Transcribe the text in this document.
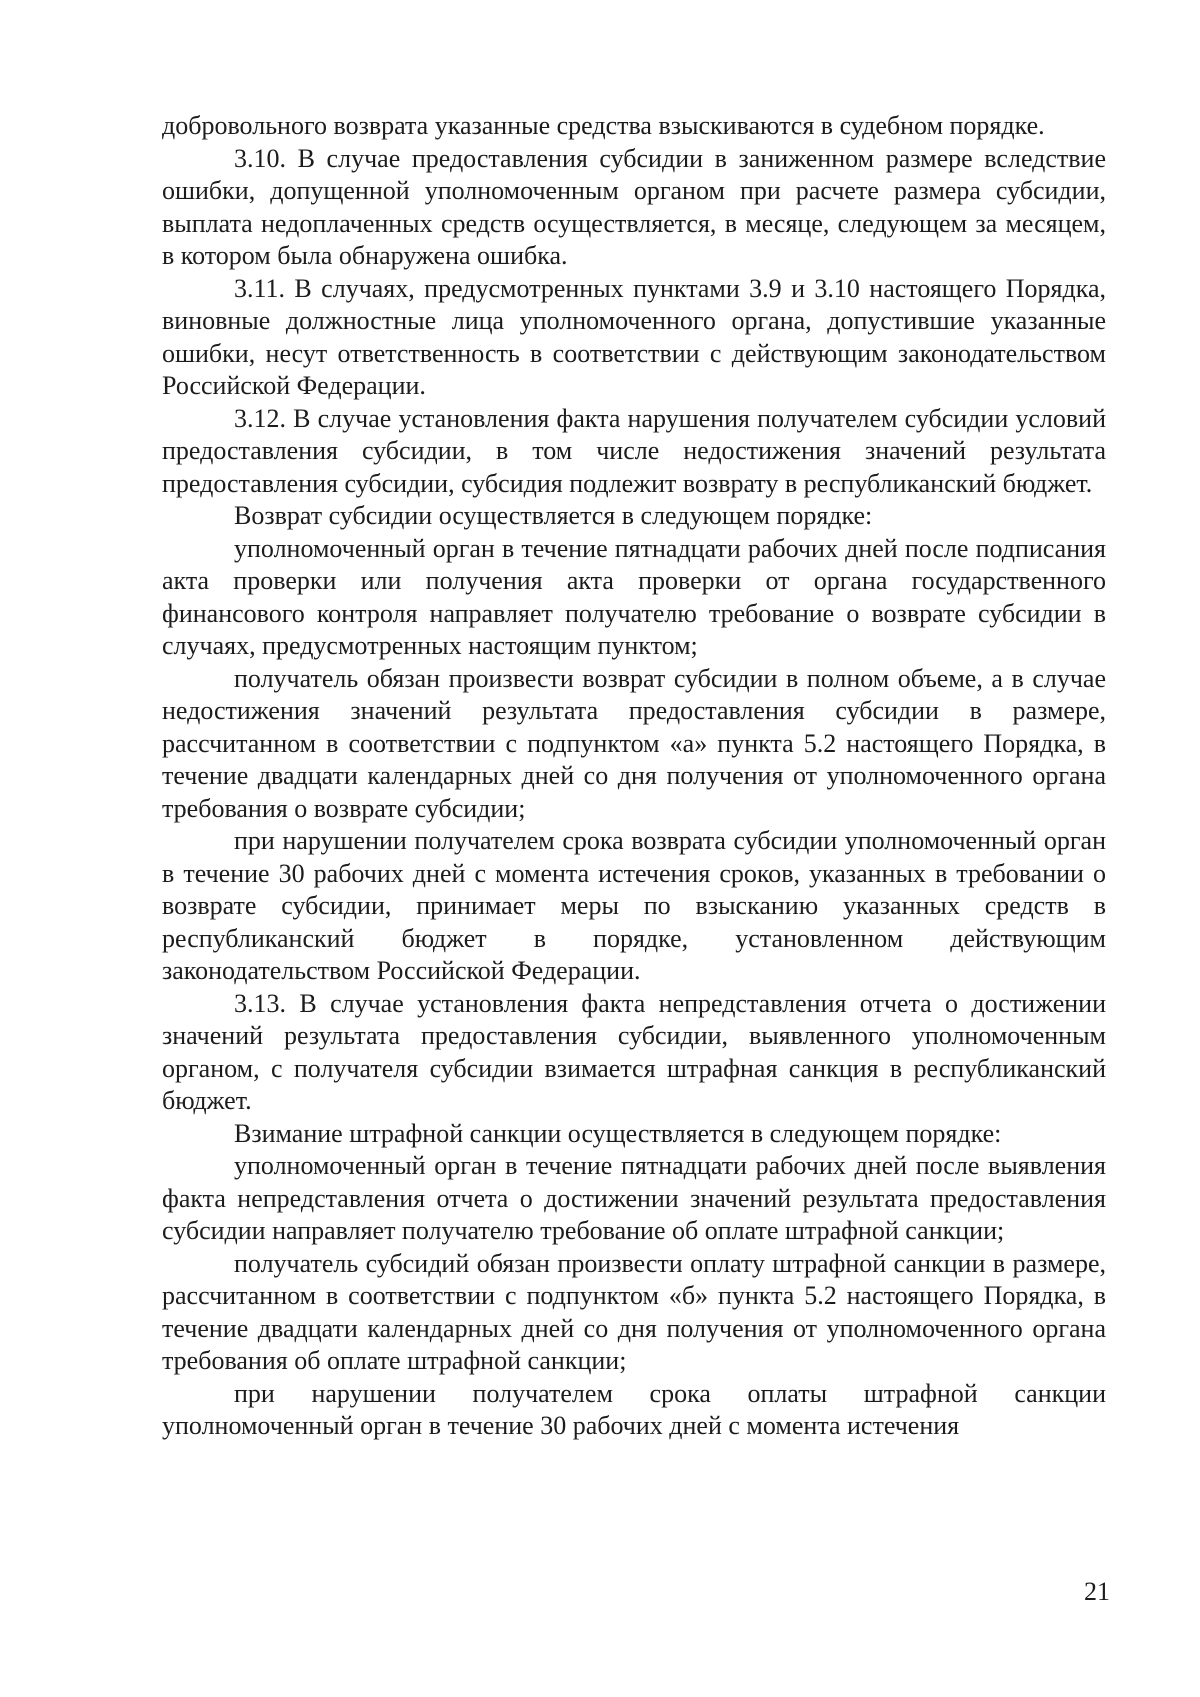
добровольного возврата указанные средства взыскиваются в судебном порядке.

3.10. В случае предоставления субсидии в заниженном размере вследствие ошибки, допущенной уполномоченным органом при расчете размера субсидии, выплата недоплаченных средств осуществляется, в месяце, следующем за месяцем, в котором была обнаружена ошибка.

3.11. В случаях, предусмотренных пунктами 3.9 и 3.10 настоящего Порядка, виновные должностные лица уполномоченного органа, допустившие указанные ошибки, несут ответственность в соответствии с действующим законодательством Российской Федерации.

3.12. В случае установления факта нарушения получателем субсидии условий предоставления субсидии, в том числе недостижения значений результата предоставления субсидии, субсидия подлежит возврату в республиканский бюджет.

Возврат субсидии осуществляется в следующем порядке:

уполномоченный орган в течение пятнадцати рабочих дней после подписания акта проверки или получения акта проверки от органа государственного финансового контроля направляет получателю требование о возврате субсидии в случаях, предусмотренных настоящим пунктом;

получатель обязан произвести возврат субсидии в полном объеме, а в случае недостижения значений результата предоставления субсидии в размере, рассчитанном в соответствии с подпунктом «а» пункта 5.2 настоящего Порядка, в течение двадцати календарных дней со дня получения от уполномоченного органа требования о возврате субсидии;

при нарушении получателем срока возврата субсидии уполномоченный орган в течение 30 рабочих дней с момента истечения сроков, указанных в требовании о возврате субсидии, принимает меры по взысканию указанных средств в республиканский бюджет в порядке, установленном действующим законодательством Российской Федерации.

3.13. В случае установления факта непредставления отчета о достижении значений результата предоставления субсидии, выявленного уполномоченным органом, с получателя субсидии взимается штрафная санкция в республиканский бюджет.

Взимание штрафной санкции осуществляется в следующем порядке:

уполномоченный орган в течение пятнадцати рабочих дней после выявления факта непредставления отчета о достижении значений результата предоставления субсидии направляет получателю требование об оплате штрафной санкции;

получатель субсидий обязан произвести оплату штрафной санкции в размере, рассчитанном в соответствии с подпунктом «б» пункта 5.2 настоящего Порядка, в течение двадцати календарных дней со дня получения от уполномоченного органа требования об оплате штрафной санкции;

при нарушении получателем срока оплаты штрафной санкции уполномоченный орган в течение 30 рабочих дней с момента истечения

21
